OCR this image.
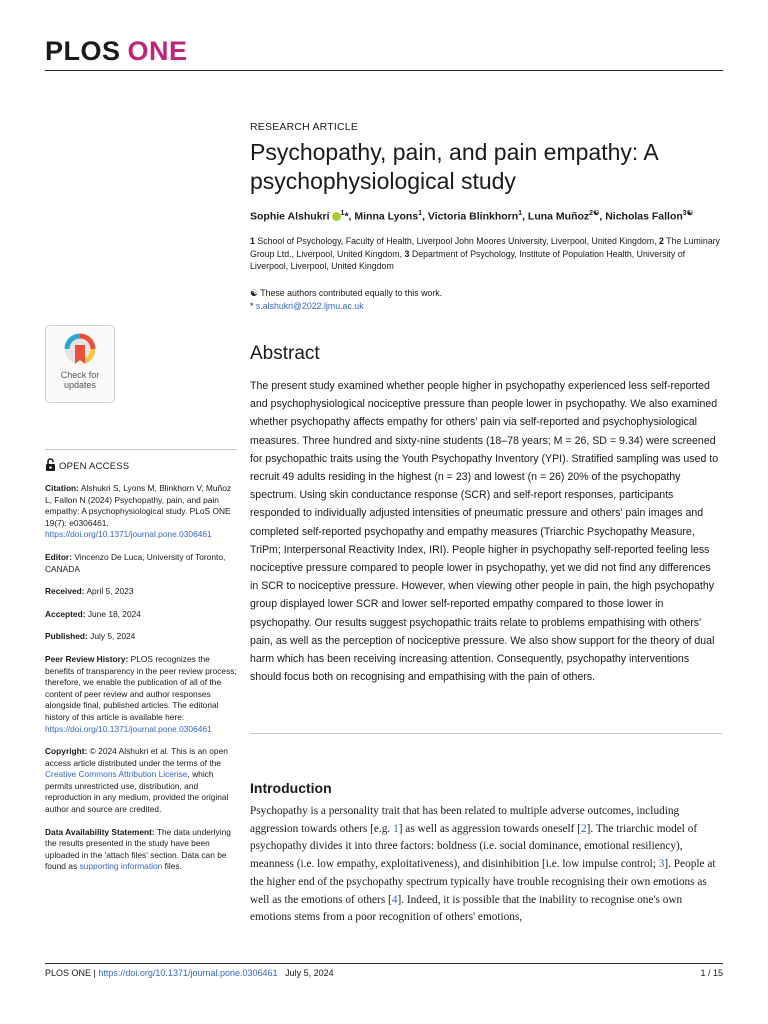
PLOS ONE
Check for
updates
OPEN ACCESS

Citation: Alshukri S, Lyons M, Blinkhorn V, Muñoz L, Fallon N (2024) Psychopathy, pain, and pain empathy: A psychophysiological study. PLoS ONE 19(7): e0306461. https://doi.org/10.1371/journal.pone.0306461

Editor: Vincenzo De Luca, University of Toronto, CANADA

Received: April 5, 2023

Accepted: June 18, 2024

Published: July 5, 2024

Peer Review History: PLOS recognizes the benefits of transparency in the peer review process; therefore, we enable the publication of all of the content of peer review and author responses alongside final, published articles. The editorial history of this article is available here: https://doi.org/10.1371/journal.pone.0306461

Copyright: © 2024 Alshukri et al. This is an open access article distributed under the terms of the Creative Commons Attribution License, which permits unrestricted use, distribution, and reproduction in any medium, provided the original author and source are credited.

Data Availability Statement: The data underlying the results presented in the study have been uploaded in the 'attach files' section. Data can be found as supporting information files.

RESEARCH ARTICLE
Psychopathy, pain, and pain empathy: A psychophysiological study
Sophie Alshukri $^1$*, Minna Lyons$^1$, Victoria Blinkhorn$^1$, Luna Muñoz$^{2☯}$, Nicholas Fallon$^{3☯}$
1 School of Psychology, Faculty of Health, Liverpool John Moores University, Liverpool, United Kingdom, 2 The Luminary Group Ltd., Liverpool, United Kingdom, 3 Department of Psychology, Institute of Population Health, University of Liverpool, Liverpool, United Kingdom
☯ These authors contributed equally to this work.
* s.alshukri@2022.ljmu.ac.uk
Abstract
The present study examined whether people higher in psychopathy experienced less self-reported and psychophysiological nociceptive pressure than people lower in psychopathy. We also examined whether psychopathy affects empathy for others' pain via self-reported and psychophysiological measures. Three hundred and sixty-nine students (18–78 years; M = 26, SD = 9.34) were screened for psychopathic traits using the Youth Psychopathy Inventory (YPI). Stratified sampling was used to recruit 49 adults residing in the highest (n = 23) and lowest (n = 26) 20% of the psychopathy spectrum. Using skin conductance response (SCR) and self-report responses, participants responded to individually adjusted intensities of pneumatic pressure and others' pain images and completed self-reported psychopathy and empathy measures (Triarchic Psychopathy Measure, TriPm; Interpersonal Reactivity Index, IRI). People higher in psychopathy self-reported feeling less nociceptive pressure compared to people lower in psychopathy, yet we did not find any differences in SCR to nociceptive pressure. However, when viewing other people in pain, the high psychopathy group displayed lower SCR and lower self-reported empathy compared to those lower in psychopathy. Our results suggest psychopathic traits relate to problems empathising with others' pain, as well as the perception of nociceptive pressure. We also show support for the theory of dual harm which has been receiving increasing attention. Consequently, psychopathy interventions should focus both on recognising and empathising with the pain of others.
Introduction
Psychopathy is a personality trait that has been related to multiple adverse outcomes, including aggression towards others [e.g. 1] as well as aggression towards oneself [2]. The triarchic model of psychopathy divides it into three factors: boldness (i.e. social dominance, emotional resiliency), meanness (i.e. low empathy, exploitativeness), and disinhibition [i.e. low impulse control; 3]. People at the higher end of the psychopathy spectrum typically have trouble recognising their own emotions as well as the emotions of others [4]. Indeed, it is possible that the inability to recognise one's own emotions stems from a poor recognition of others' emotions,
PLOS ONE | https://doi.org/10.1371/journal.pone.0306461 July 5, 2024	1 / 15
